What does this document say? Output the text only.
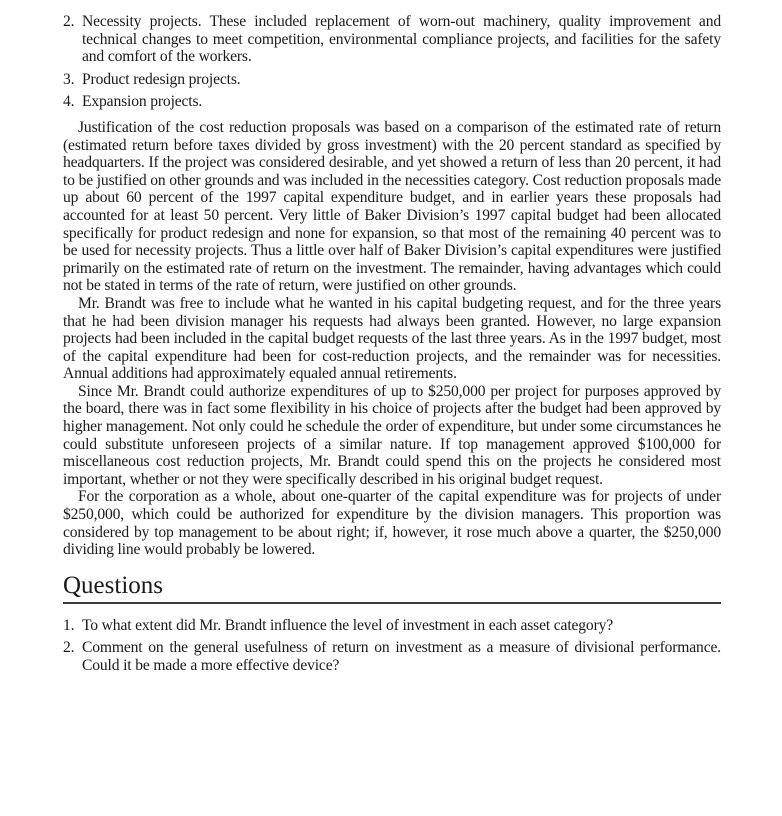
2. Necessity projects. These included replacement of worn-out machinery, quality improvement and technical changes to meet competition, environmental compliance projects, and facilities for the safety and comfort of the workers.
3. Product redesign projects.
4. Expansion projects.

Justification of the cost reduction proposals was based on a comparison of the estimated rate of return (estimated return before taxes divided by gross investment) with the 20 percent standard as specified by headquarters. If the project was considered desirable, and yet showed a return of less than 20 percent, it had to be justified on other grounds and was included in the necessities category. Cost reduction proposals made up about 60 percent of the 1997 capital expenditure budget, and in earlier years these proposals had accounted for at least 50 percent. Very little of Baker Division’s 1997 capital budget had been allocated specifically for product redesign and none for expansion, so that most of the remaining 40 percent was to be used for necessity projects. Thus a little over half of Baker Division’s capital expenditures were justified primarily on the estimated rate of return on the investment. The remainder, having advantages which could not be stated in terms of the rate of return, were justified on other grounds.

Mr. Brandt was free to include what he wanted in his capital budgeting request, and for the three years that he had been division manager his requests had always been granted. However, no large expansion projects had been included in the capital budget requests of the last three years. As in the 1997 budget, most of the capital expenditure had been for cost-reduction projects, and the remainder was for necessities. Annual additions had approximately equaled annual retirements.

Since Mr. Brandt could authorize expenditures of up to $250,000 per project for purposes approved by the board, there was in fact some flexibility in his choice of projects after the budget had been approved by higher management. Not only could he schedule the order of expenditure, but under some circumstances he could substitute unforeseen projects of a similar nature. If top management approved $100,000 for miscellaneous cost reduction projects, Mr. Brandt could spend this on the projects he considered most important, whether or not they were specifically described in his original budget request.

For the corporation as a whole, about one-quarter of the capital expenditure was for projects of under $250,000, which could be authorized for expenditure by the division managers. This proportion was considered by top management to be about right; if, however, it rose much above a quarter, the $250,000 dividing line would probably be lowered.

Questions
1. To what extent did Mr. Brandt influence the level of investment in each asset category?
2. Comment on the general usefulness of return on investment as a measure of divisional performance. Could it be made a more effective device?
